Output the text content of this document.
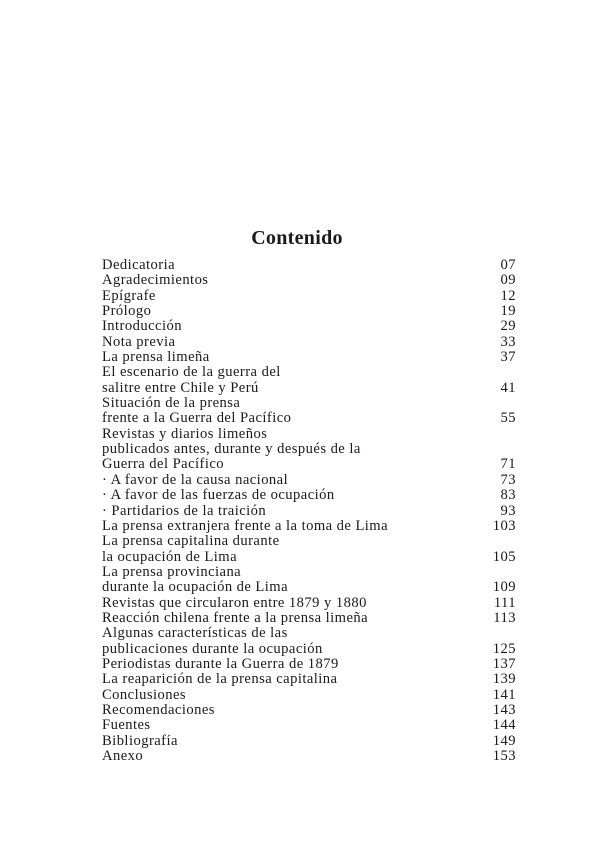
Contenido
Dedicatoria	07
Agradecimientos	09
Epígrafe	12
Prólogo	19
Introducción	29
Nota previa	33
La prensa limeña	37
El escenario de la guerra del
salitre entre Chile y Perú	41
Situación de la prensa
frente a la Guerra del Pacífico	55
Revistas y diarios limeños
publicados antes, durante y después de la
Guerra del Pacífico	71
· A favor de la causa nacional	73
· A favor de las fuerzas de ocupación	83
· Partidarios de la traición	93
La prensa extranjera frente a la toma de Lima	103
La prensa capitalina durante
la ocupación de Lima	105
La prensa provinciana
durante la ocupación de Lima	109
Revistas que circularon entre 1879 y 1880	111
Reacción chilena frente a la prensa limeña	113
Algunas características de las
publicaciones durante la ocupación	125
Periodistas durante la Guerra de 1879	137
La reaparición de la prensa capitalina	139
Conclusiones	141
Recomendaciones	143
Fuentes	144
Bibliografía	149
Anexo	153
